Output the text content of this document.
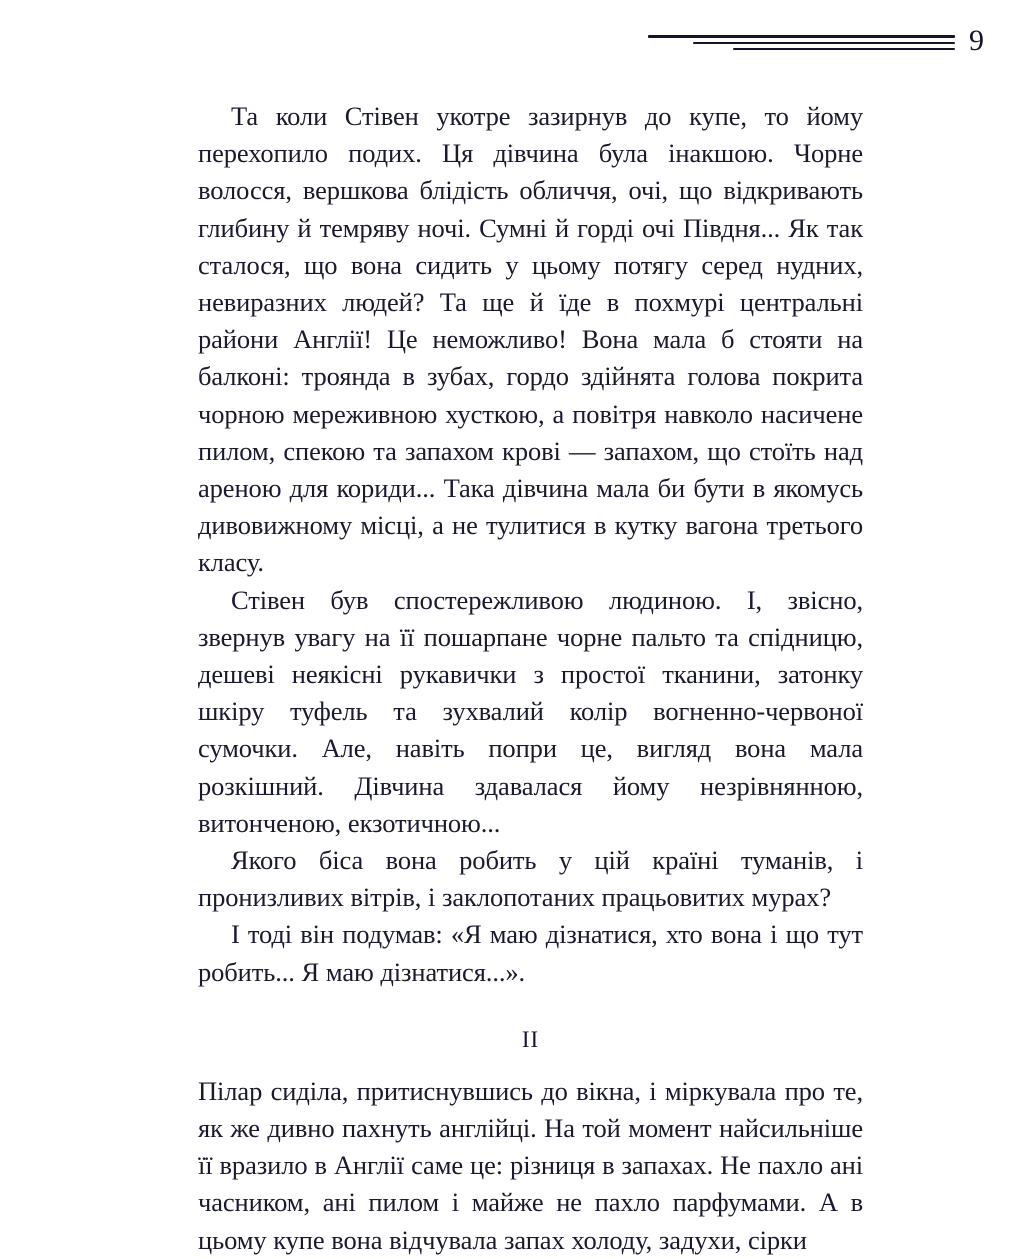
9

Та коли Стівен укотре зазирнув до купе, то йому перехопило подих. Ця дівчина була інакшою. Чорне волосся, вершкова блідість обличчя, очі, що відкривають глибину й темряву ночі. Сумні й горді очі Півдня... Як так сталося, що вона сидить у цьому потягу серед нудних, невиразних людей? Та ще й їде в похмурі центральні райони Англії! Це неможливо! Вона мала б стояти на балконі: троянда в зубах, гордо здійнята голова покрита чорною мереживною хусткою, а повітря навколо насичене пилом, спекою та запахом крові — запахом, що стоїть над ареною для кориди... Така дівчина мала би бути в якомусь дивовижному місці, а не тулитися в кутку вагона третього класу.

Стівен був спостережливою людиною. І, звісно, звернув увагу на її пошарпане чорне пальто та спідницю, дешеві неякісні рукавички з простої тканини, затонку шкіру туфель та зухвалий колір вогненно-червоної сумочки. Але, навіть попри це, вигляд вона мала розкішний. Дівчина здавалася йому незрівнянною, витонченою, екзотичною...

Якого біса вона робить у цій країні туманів, і пронизливих вітрів, і заклопотаних працьовитих мурах?

І тоді він подумав: «Я маю дізнатися, хто вона і що тут робить... Я маю дізнатися...».

II

Пілар сиділа, притиснувшись до вікна, і міркувала про те, як же дивно пахнуть англійці. На той момент найсильніше її вразило в Англії саме це: різниця в запахах. Не пахло ані часником, ані пилом і майже не пахло парфумами. А в цьому купе вона відчувала запах холоду, задухи, сірки
